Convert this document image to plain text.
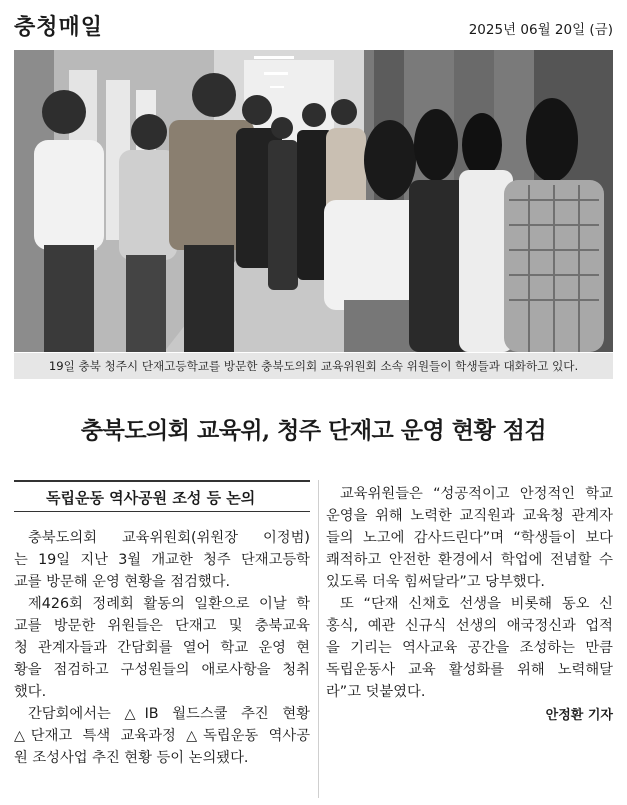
충청매일	2025년 06월 20일 (금)
19일 충북 청주시 단재고등학교를 방문한 충북도의회 교육위원회 소속 위원들이 학생들과 대화하고 있다.
충북도의회 교육위, 청주 단재고 운영 현황 점검
독립운동 역사공원 조성 등 논의

충북도의회 교육위원회(위원장 이정범)
는 19일 지난 3월 개교한 청주 단재고등학
교를 방문해 운영 현황을 점검했다.

제426회 정례회 활동의 일환으로 이날 학
교를 방문한 위원들은 단재고 및 충북교육
청 관계자들과 간담회를 열어 학교 운영 현
황을 점검하고 구성원들의 애로사항을 청취
했다.

간담회에서는 △IB 월드스쿨 추진 현황
△단재고 특색 교육과정 △독립운동 역사공
원 조성사업 추진 현황 등이 논의됐다.

교육위원들은 “성공적이고 안정적인 학교
운영을 위해 노력한 교직원과 교육청 관계자
들의 노고에 감사드린다”며 “학생들이 보다
쾌적하고 안전한 환경에서 학업에 전념할 수
있도록 더욱 힘써달라”고 당부했다.

또 “단재 신채호 선생을 비롯해 동오 신
홍식, 예관 신규식 선생의 애국정신과 업적
을 기리는 역사교육 공간을 조성하는 만큼
독립운동사 교육 활성화를 위해 노력해달
라”고 덧붙였다.

안정환 기자
